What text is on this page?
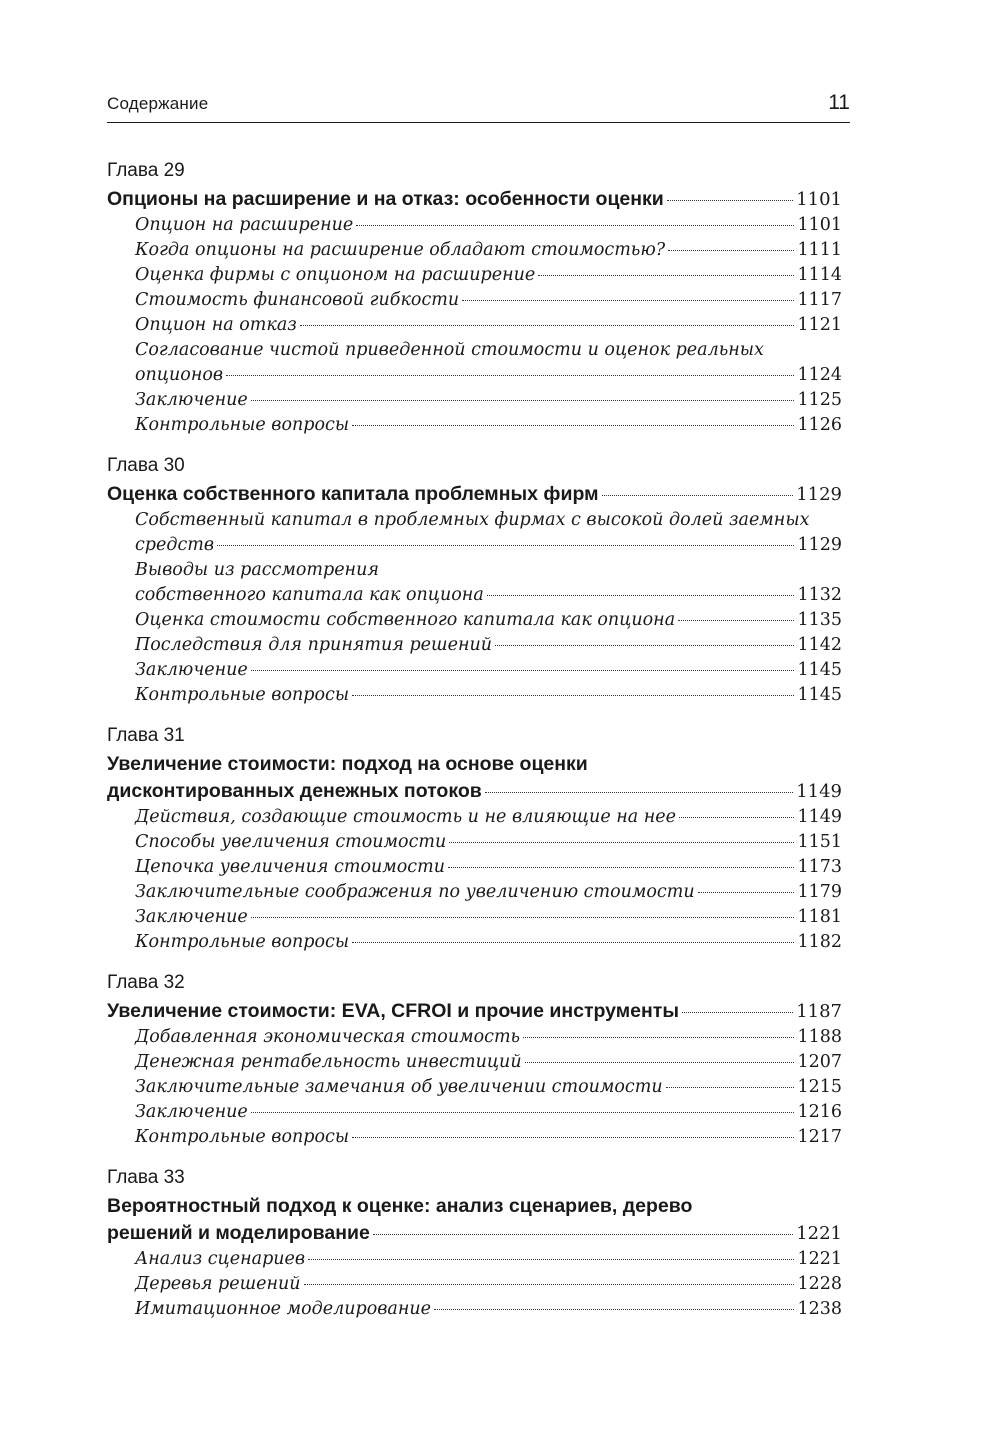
Содержание	11
Глава 29
Опционы на расширение и на отказ: особенности оценки	1101
Опцион на расширение	1101
Когда опционы на расширение обладают стоимостью?	1111
Оценка фирмы с опционом на расширение	1114
Стоимость финансовой гибкости	1117
Опцион на отказ	1121
Согласование чистой приведенной стоимости и оценок реальных
опционов	1124
Заключение	1125
Контрольные вопросы	1126
Глава 30
Оценка собственного капитала проблемных фирм	1129
Собственный капитал в проблемных фирмах с высокой долей заемных
средств	1129
Выводы из рассмотрения
собственного капитала как опциона	1132
Оценка стоимости собственного капитала как опциона	1135
Последствия для принятия решений	1142
Заключение	1145
Контрольные вопросы	1145
Глава 31
Увеличение стоимости: подход на основе оценки
дисконтированных денежных потоков	1149
Действия, создающие стоимость и не влияющие на нее	1149
Способы увеличения стоимости	1151
Цепочка увеличения стоимости	1173
Заключительные соображения по увеличению стоимости	1179
Заключение	1181
Контрольные вопросы	1182
Глава 32
Увеличение стоимости: EVA, CFROI и прочие инструменты	1187
Добавленная экономическая стоимость	1188
Денежная рентабельность инвестиций	1207
Заключительные замечания об увеличении стоимости	1215
Заключение	1216
Контрольные вопросы	1217
Глава 33
Вероятностный подход к оценке: анализ сценариев, дерево
решений и моделирование	1221
Анализ сценариев	1221
Деревья решений	1228
Имитационное моделирование	1238
